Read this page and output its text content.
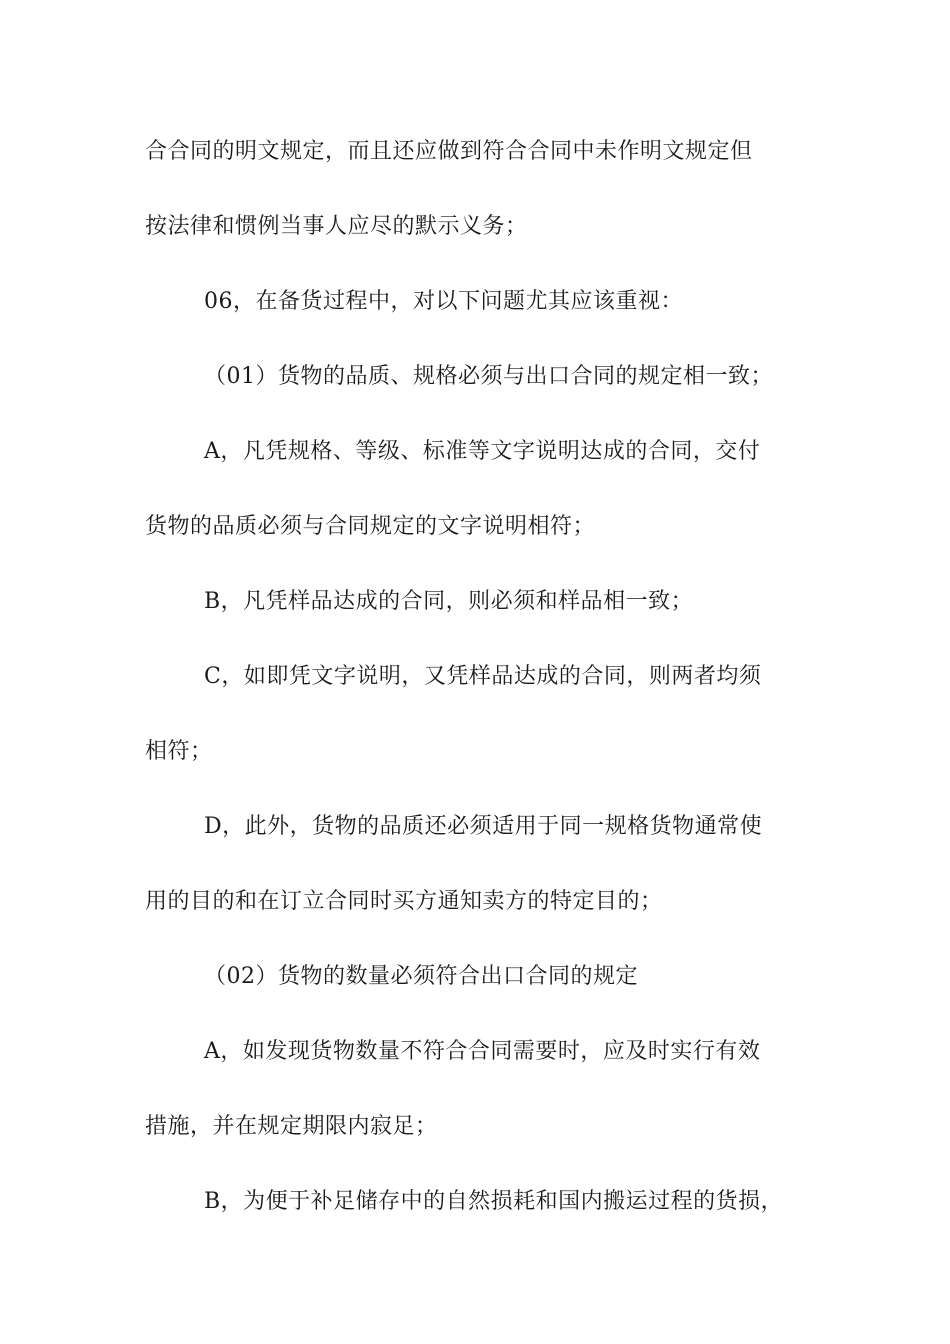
合合同的明文规定，而且还应做到符合合同中未作明文规定但
按法律和惯例当事人应尽的默示义务；
06，在备货过程中，对以下问题尤其应该重视：
（01）货物的品质、规格必须与出口合同的规定相一致；
A，凡凭规格、等级、标准等文字说明达成的合同，交付
货物的品质必须与合同规定的文字说明相符；
B，凡凭样品达成的合同，则必须和样品相一致；
C，如即凭文字说明，又凭样品达成的合同，则两者均须
相符；
D，此外，货物的品质还必须适用于同一规格货物通常使
用的目的和在订立合同时买方通知卖方的特定目的；
（02）货物的数量必须符合出口合同的规定
A，如发现货物数量不符合合同需要时，应及时实行有效
措施，并在规定期限内寂足；
B，为便于补足储存中的自然损耗和国内搬运过程的货损，
